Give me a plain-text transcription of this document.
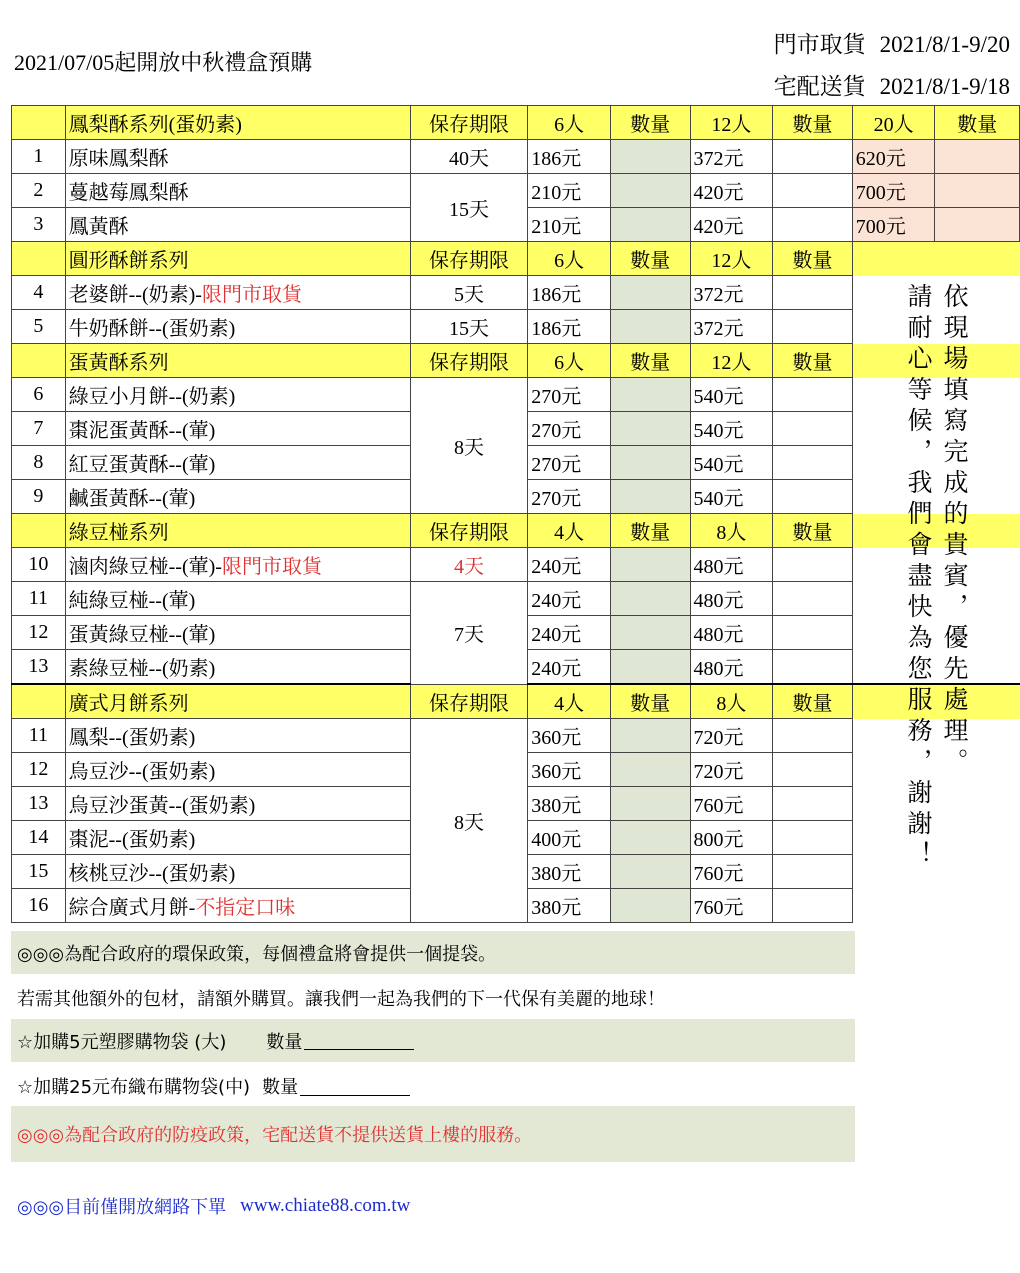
2021/07/05起開放中秋禮盒預購
門市取貨 2021/8/1-9/20
宅配送貨 2021/8/1-9/18
	鳳梨酥系列(蛋奶素)	保存期限	6人	數量	12人	數量	20人	數量
1	原味鳳梨酥	40天	186元		372元		620元	
2	蔓越莓鳳梨酥	15天	210元		420元		700元	
3	鳳黃酥		210元		420元		700元	
	圓形酥餅系列	保存期限	6人	數量	12人	數量		
4	老婆餅--(奶素)-限門市取貨	5天	186元		372元			
5	牛奶酥餅--(蛋奶素)	15天	186元		372元			
	蛋黃酥系列	保存期限	6人	數量	12人	數量		
6	綠豆小月餅--(奶素)	8天	270元		540元			
7	棗泥蛋黃酥--(葷)		270元		540元			
8	紅豆蛋黃酥--(葷)		270元		540元			
9	鹹蛋黃酥--(葷)		270元		540元			
	綠豆椪系列	保存期限	4人	數量	8人	數量		
10	滷肉綠豆椪--(葷)-限門市取貨	4天	240元		480元			
11	純綠豆椪--(葷)	7天	240元		480元			
12	蛋黃綠豆椪--(葷)		240元		480元			
13	素綠豆椪--(奶素)		240元		480元			
	廣式月餅系列	保存期限	4人	數量	8人	數量		
11	鳳梨--(蛋奶素)	8天	360元		720元			
12	烏豆沙--(蛋奶素)		360元		720元			
13	烏豆沙蛋黃--(蛋奶素)		380元		760元			
14	棗泥--(蛋奶素)		400元		800元			
15	核桃豆沙--(蛋奶素)		380元		760元			
16	綜合廣式月餅-不指定口味		380元		760元			
依現場填寫完成的貴賓，優先處理。
請耐心等候，我們會盡快為您服務，謝謝！
◎◎◎為配合政府的環保政策，每個禮盒將會提供一個提袋。
若需其他額外的包材，請額外購買。讓我們一起為我們的下一代保有美麗的地球！
☆加購5元塑膠購物袋 (大) 數量
☆加購25元布織布購物袋(中) 數量
◎◎◎為配合政府的防疫政策，宅配送貨不提供送貨上樓的服務。
◎◎◎目前僅開放網路下單 www.chiate88.com.tw
